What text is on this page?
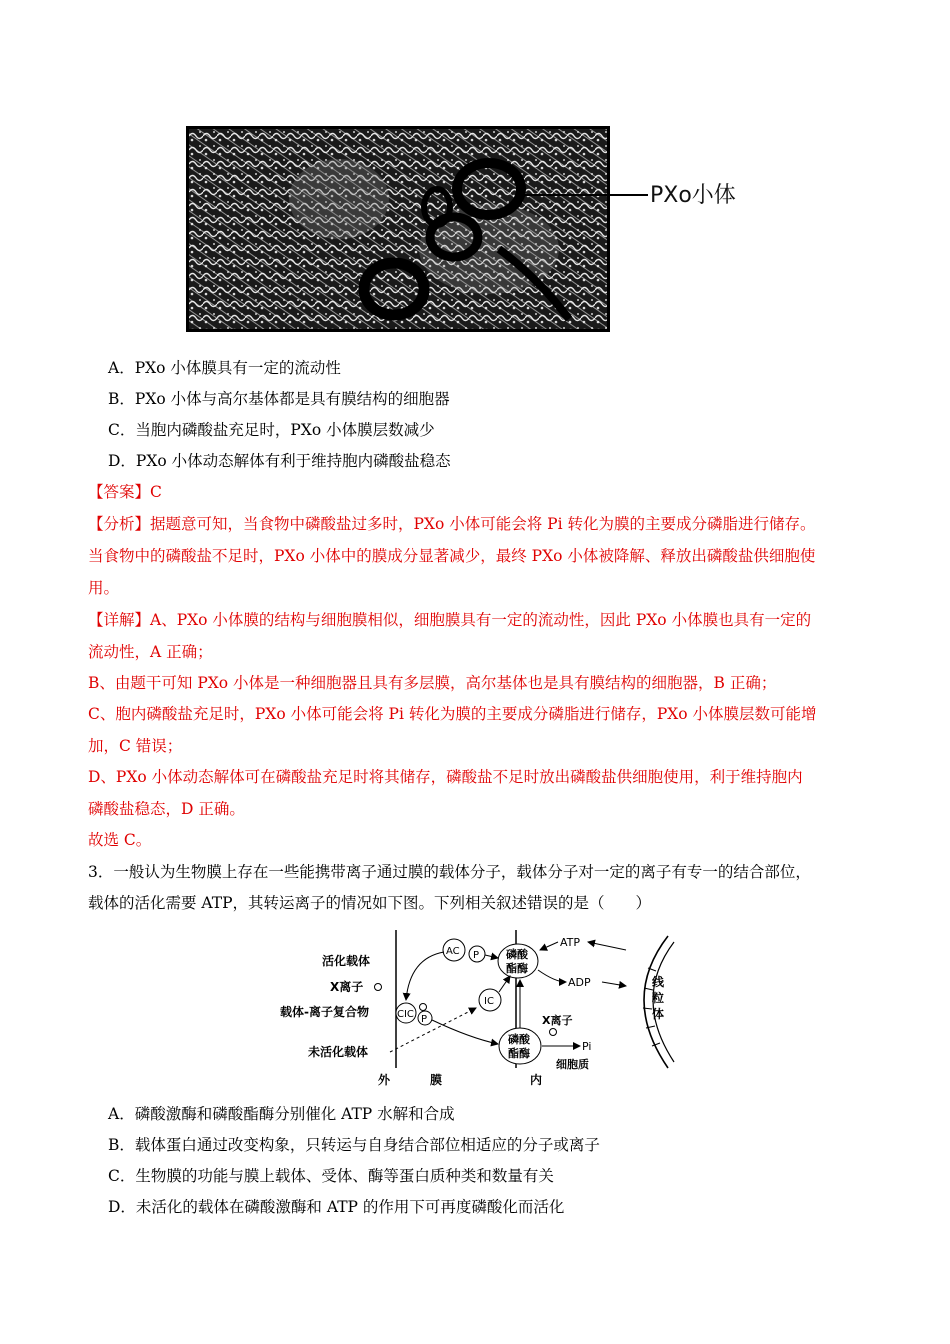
PXo小体
A．PXo 小体膜具有一定的流动性
B．PXo 小体与高尔基体都是具有膜结构的细胞器
C．当胞内磷酸盐充足时，PXo 小体膜层数减少
D．PXo 小体动态解体有利于维持胞内磷酸盐稳态
【答案】C
【分析】据题意可知，当食物中磷酸盐过多时，PXo 小体可能会将 Pi 转化为膜的主要成分磷脂进行储存。
当食物中的磷酸盐不足时，PXo 小体中的膜成分显著减少，最终 PXo 小体被降解、释放出磷酸盐供细胞使
用。
【详解】A、PXo 小体膜的结构与细胞膜相似，细胞膜具有一定的流动性，因此 PXo 小体膜也具有一定的
流动性，A 正确；
B、由题干可知 PXo 小体是一种细胞器且具有多层膜，高尔基体也是具有膜结构的细胞器，B 正确；
C、胞内磷酸盐充足时，PXo 小体可能会将 Pi 转化为膜的主要成分磷脂进行储存，PXo 小体膜层数可能增
加，C 错误；
D、PXo 小体动态解体可在磷酸盐充足时将其储存，磷酸盐不足时放出磷酸盐供细胞使用，利于维持胞内
磷酸盐稳态，D 正确。
故选 C。
3．一般认为生物膜上存在一些能携带离子通过膜的载体分子，载体分子对一定的离子有专一的结合部位，
载体的活化需要 ATP，其转运离子的情况如下图。下列相关叙述错误的是（　　）
活化载体
X离子
载体-离子复合物
未活化载体
CIC P
AC P 磷酸
酯酶
IC
磷酸
酯酶
ATP
ADP
X离子
Pi
细胞质
线
粒
体
外	膜	内
A．磷酸激酶和磷酸酯酶分别催化 ATP 水解和合成
B．载体蛋白通过改变构象，只转运与自身结合部位相适应的分子或离子
C．生物膜的功能与膜上载体、受体、酶等蛋白质种类和数量有关
D．未活化的载体在磷酸激酶和 ATP 的作用下可再度磷酸化而活化
